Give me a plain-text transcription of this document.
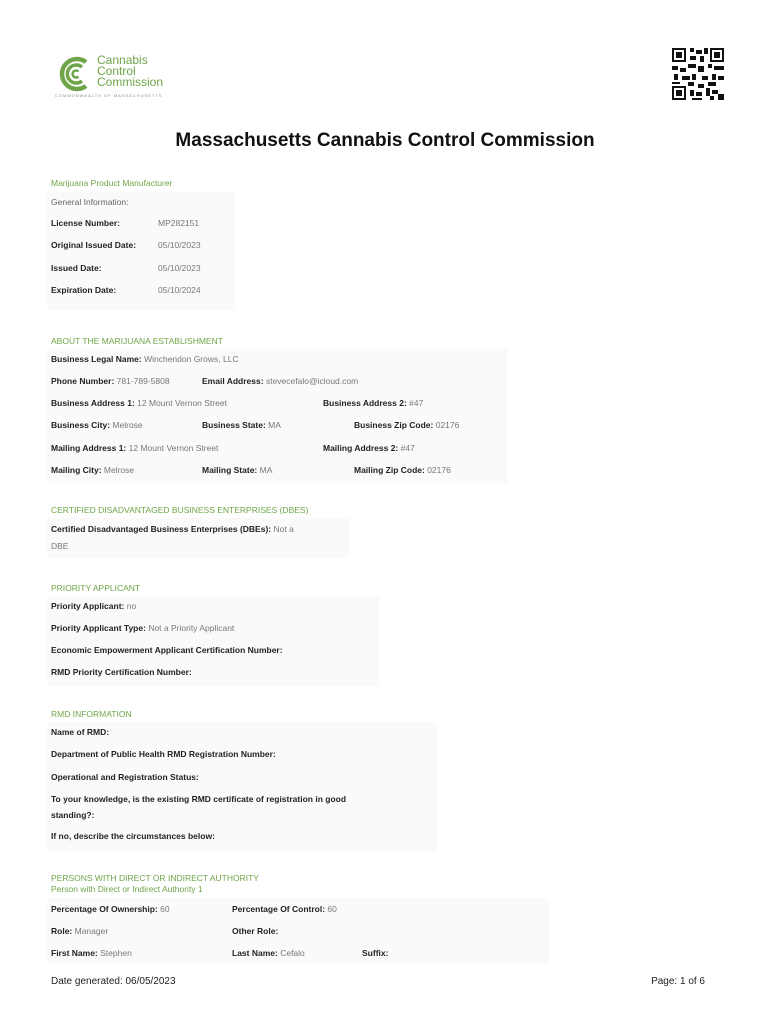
Cannabis
Control
Commission
COMMONWEALTH OF MASSACHUSETTS
Massachusetts Cannabis Control Commission
Marijuana Product Manufacturer
General Information:
License Number:	MP282151
Original Issued Date:	05/10/2023
Issued Date:	05/10/2023
Expiration Date:	05/10/2024
ABOUT THE MARIJUANA ESTABLISHMENT
Business Legal Name: Winchendon Grows, LLC
Phone Number: 781-789-5808	Email Address: stevecefalo@icloud.com
Business Address 1: 12 Mount Vernon Street	Business Address 2: #47
Business City: Melrose	Business State: MA	Business Zip Code: 02176
Mailing Address 1: 12 Mount Vernon Street	Mailing Address 2: #47
Mailing City: Melrose	Mailing State: MA	Mailing Zip Code: 02176
CERTIFIED DISADVANTAGED BUSINESS ENTERPRISES (DBES)
Certified Disadvantaged Business Enterprises (DBEs): Not a
DBE
PRIORITY APPLICANT
Priority Applicant: no
Priority Applicant Type: Not a Priority Applicant
Economic Empowerment Applicant Certification Number:
RMD Priority Certification Number:
RMD INFORMATION
Name of RMD:
Department of Public Health RMD Registration Number:
Operational and Registration Status:
To your knowledge, is the existing RMD certificate of registration in good
standing?:
If no, describe the circumstances below:
PERSONS WITH DIRECT OR INDIRECT AUTHORITY
Person with Direct or Indirect Authority 1
Percentage Of Ownership: 60	Percentage Of Control: 60
Role: Manager	Other Role:
First Name: Stephen	Last Name: Cefalo	Suffix:
Date generated: 06/05/2023	Page: 1 of 6
